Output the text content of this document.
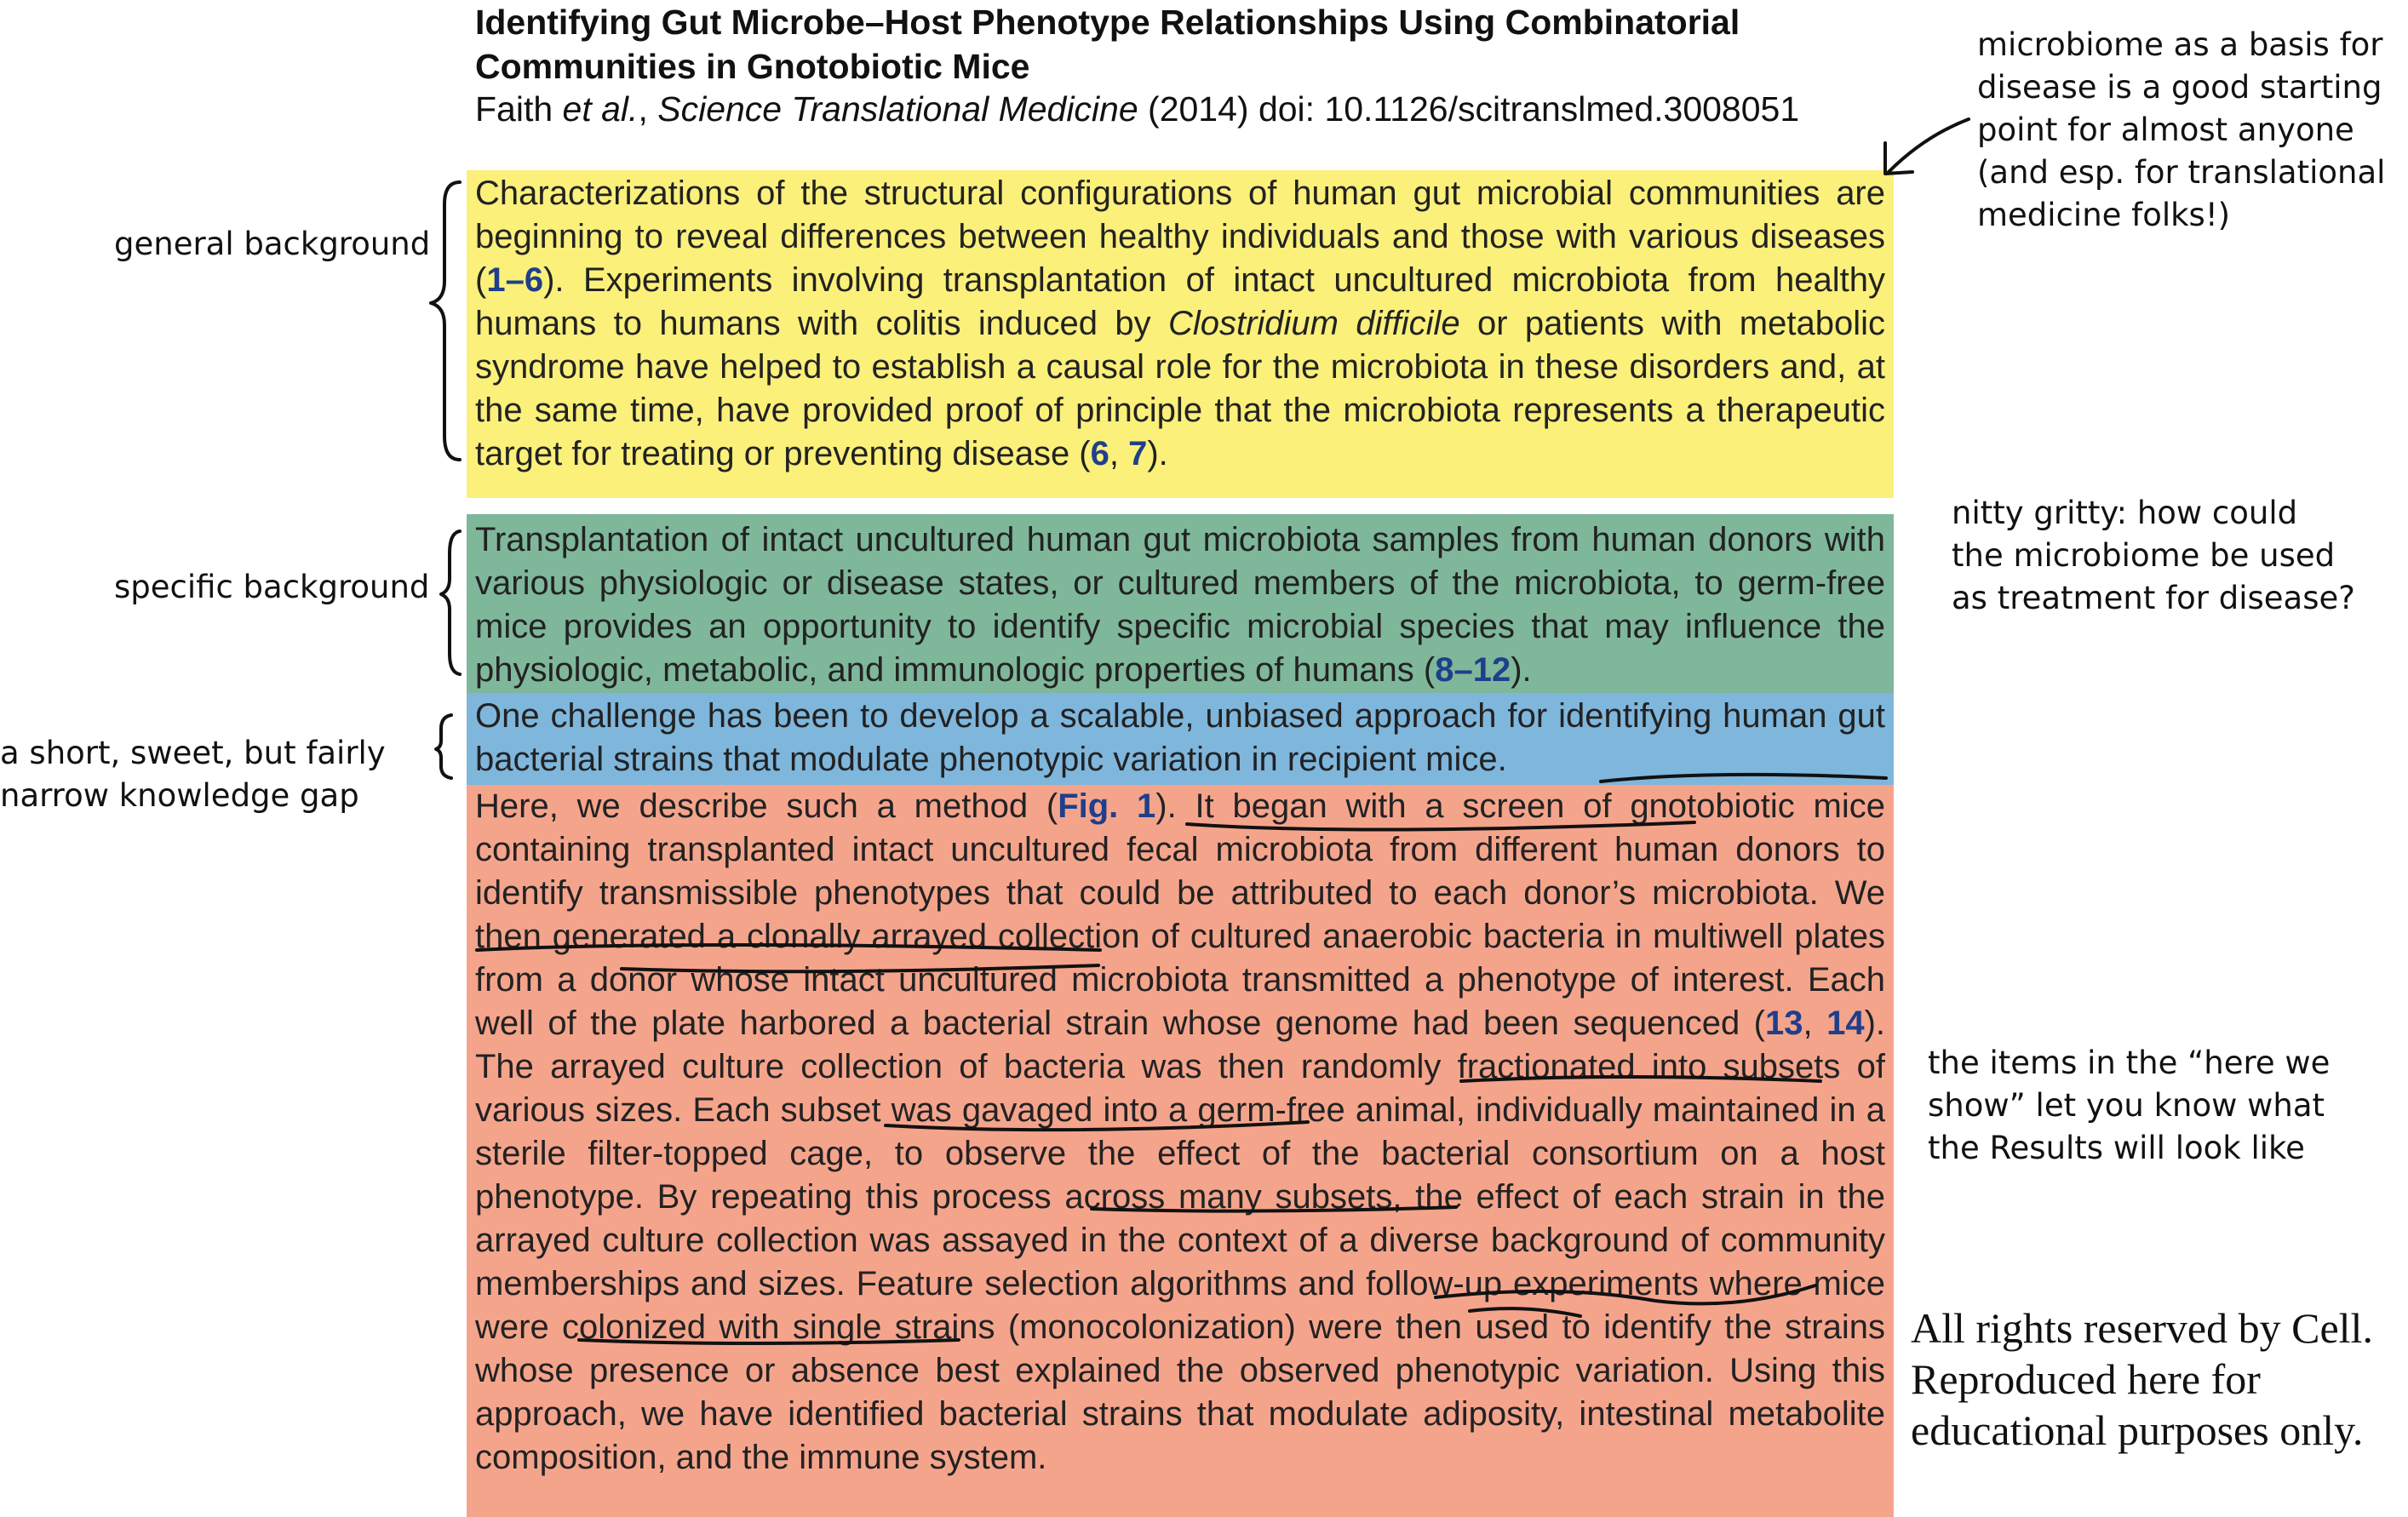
Identifying Gut Microbe–Host Phenotype Relationships Using Combinatorial Communities in Gnotobiotic Mice
Faith et al., Science Translational Medicine (2014) doi: 10.1126/scitranslmed.3008051
Characterizations of the structural configurations of human gut microbial communities are beginning to reveal differences between healthy individuals and those with various diseases (1–6). Experiments involving transplantation of intact uncultured microbiota from healthy humans to humans with colitis induced by Clostridium difficile or patients with metabolic syndrome have helped to establish a causal role for the microbiota in these disorders and, at the same time, have provided proof of principle that the microbiota represents a therapeutic target for treating or preventing disease (6, 7).
Transplantation of intact uncultured human gut microbiota samples from human donors with various physiologic or disease states, or cultured members of the microbiota, to germ-free mice provides an opportunity to identify specific microbial species that may influence the physiologic, metabolic, and immunologic properties of humans (8–12).
One challenge has been to develop a scalable, unbiased approach for identifying human gut bacterial strains that modulate phenotypic variation in recipient mice.
Here, we describe such a method (Fig. 1). It began with a screen of gnotobiotic mice containing transplanted intact uncultured fecal microbiota from different human donors to identify transmissible phenotypes that could be attributed to each donor’s microbiota. We then generated a clonally arrayed collection of cultured anaerobic bacteria in multiwell plates from a donor whose intact uncultured microbiota transmitted a phenotype of interest. Each well of the plate harbored a bacterial strain whose genome had been sequenced (13, 14). The arrayed culture collection of bacteria was then randomly fractionated into subsets of various sizes. Each subset was gavaged into a germ-free animal, individually maintained in a sterile filter-topped cage, to observe the effect of the bacterial consortium on a host phenotype. By repeating this process across many subsets, the effect of each strain in the arrayed culture collection was assayed in the context of a diverse background of community memberships and sizes. Feature selection algorithms and follow-up experiments where mice were colonized with single strains (monocolonization) were then used to identify the strains whose presence or absence best explained the observed phenotypic variation. Using this approach, we have identified bacterial strains that modulate adiposity, intestinal metabolite composition, and the immune system.
general background
specific background
a short, sweet, but fairly
narrow knowledge gap
microbiome as a basis for
disease is a good starting
point for almost anyone
(and esp. for translational
medicine folks!)
nitty gritty: how could
the microbiome be used
as treatment for disease?
the items in the “here we
show” let you know what
the Results will look like
All rights reserved by Cell.
Reproduced here for
educational purposes only.
